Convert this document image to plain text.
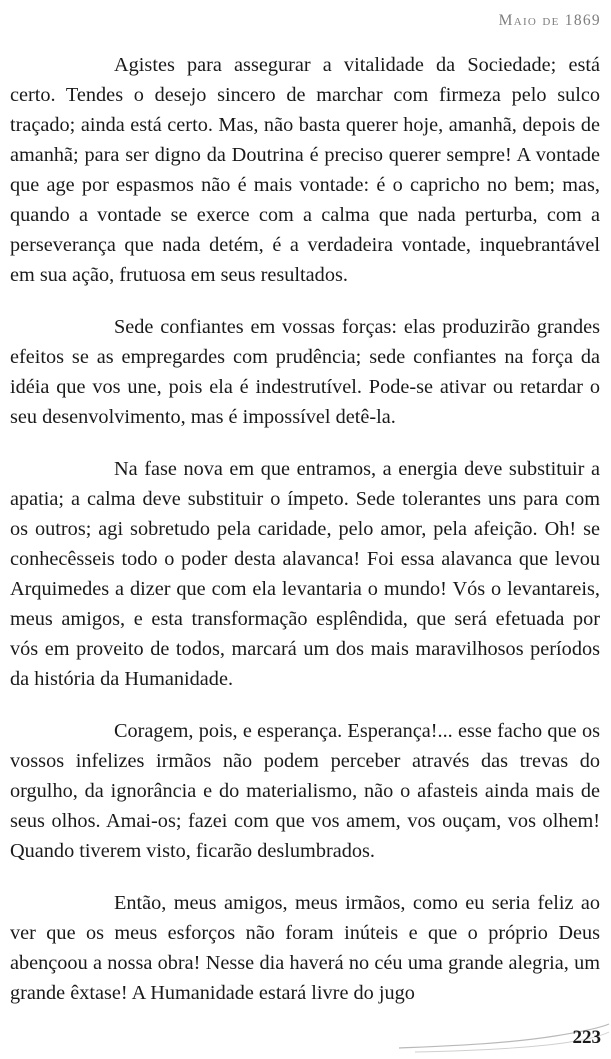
Maio de 1869

Agistes para assegurar a vitalidade da Sociedade; está certo. Tendes o desejo sincero de marchar com firmeza pelo sulco traçado; ainda está certo. Mas, não basta querer hoje, amanhã, depois de amanhã; para ser digno da Doutrina é preciso querer sempre! A vontade que age por espasmos não é mais vontade: é o capricho no bem; mas, quando a vontade se exerce com a calma que nada perturba, com a perseverança que nada detém, é a verdadeira vontade, inquebrantável em sua ação, frutuosa em seus resultados.

Sede confiantes em vossas forças: elas produzirão grandes efeitos se as empregardes com prudência; sede confiantes na força da idéia que vos une, pois ela é indestrutível. Pode-se ativar ou retardar o seu desenvolvimento, mas é impossível detê-la.

Na fase nova em que entramos, a energia deve substituir a apatia; a calma deve substituir o ímpeto. Sede tolerantes uns para com os outros; agi sobretudo pela caridade, pelo amor, pela afeição. Oh! se conhecêsseis todo o poder desta alavanca! Foi essa alavanca que levou Arquimedes a dizer que com ela levantaria o mundo! Vós o levantareis, meus amigos, e esta transformação esplêndida, que será efetuada por vós em proveito de todos, marcará um dos mais maravilhosos períodos da história da Humanidade.

Coragem, pois, e esperança. Esperança!... esse facho que os vossos infelizes irmãos não podem perceber através das trevas do orgulho, da ignorância e do materialismo, não o afasteis ainda mais de seus olhos. Amai-os; fazei com que vos amem, vos ouçam, vos olhem! Quando tiverem visto, ficarão deslumbrados.

Então, meus amigos, meus irmãos, como eu seria feliz ao ver que os meus esforços não foram inúteis e que o próprio Deus abençoou a nossa obra! Nesse dia haverá no céu uma grande alegria, um grande êxtase! A Humanidade estará livre do jugo

223
